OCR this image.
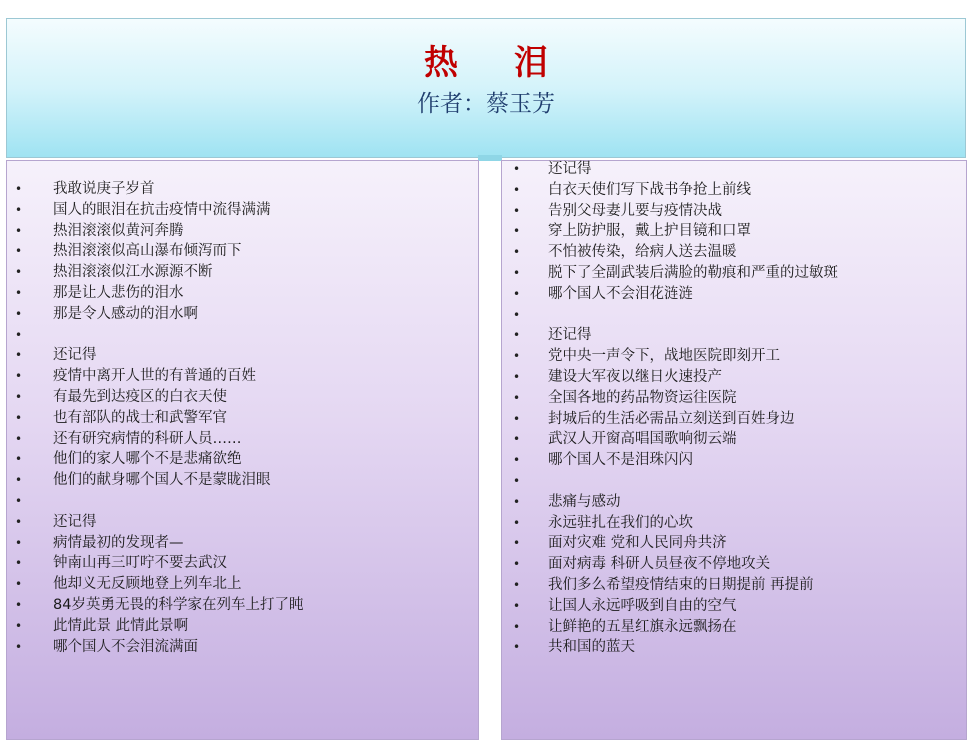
热 泪
作者：蔡玉芳
• 我敢说庚子岁首
• 国人的眼泪在抗击疫情中流得满满
• 热泪滚滚似黄河奔腾
• 热泪滚滚似高山瀑布倾泻而下
• 热泪滚滚似江水源源不断
• 那是让人悲伤的泪水
• 那是令人感动的泪水啊
•
• 还记得
• 疫情中离开人世的有普通的百姓
• 有最先到达疫区的白衣天使
• 也有部队的战士和武警军官
• 还有研究病情的科研人员……
• 他们的家人哪个不是悲痛欲绝
• 他们的献身哪个国人不是蒙眬泪眼
•
• 还记得
• 病情最初的发现者—
• 钟南山再三叮咛不要去武汉
• 他却义无反顾地登上列车北上
• 84岁英勇无畏的科学家在列车上打了盹
• 此情此景 此情此景啊
• 哪个国人不会泪流满面
• 还记得
• 白衣天使们写下战书争抢上前线
• 告别父母妻儿要与疫情决战
• 穿上防护服，戴上护目镜和口罩
• 不怕被传染，给病人送去温暖
• 脱下了全副武装后满脸的勒痕和严重的过敏斑
• 哪个国人不会泪花涟涟
•
• 还记得
• 党中央一声令下，战地医院即刻开工
• 建设大军夜以继日火速投产
• 全国各地的药品物资运往医院
• 封城后的生活必需品立刻送到百姓身边
• 武汉人开窗高唱国歌响彻云端
• 哪个国人不是泪珠闪闪
•
• 悲痛与感动
• 永远驻扎在我们的心坎
• 面对灾难 党和人民同舟共济
• 面对病毒 科研人员昼夜不停地攻关
• 我们多么希望疫情结束的日期提前 再提前
• 让国人永远呼吸到自由的空气
• 让鲜艳的五星红旗永远飘扬在
• 共和国的蓝天
